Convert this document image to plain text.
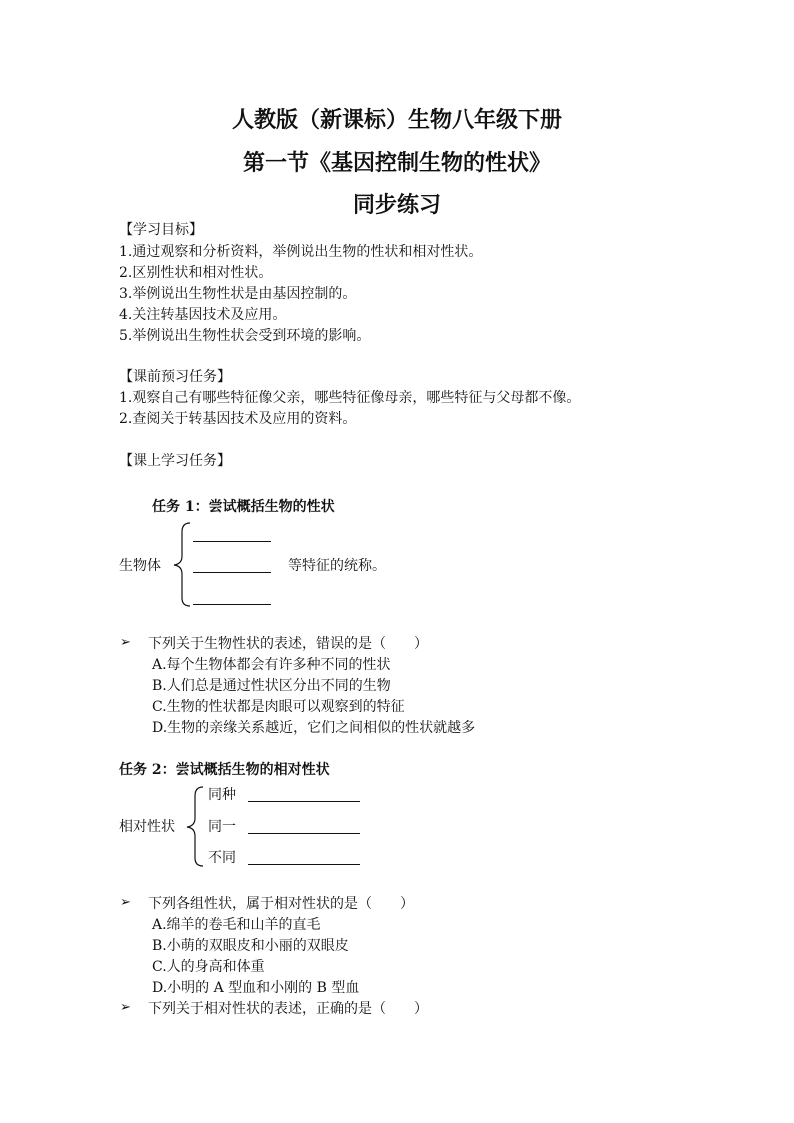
人教版（新课标）生物八年级下册
第一节《基因控制生物的性状》
同步练习
【学习目标】
1.通过观察和分析资料，举例说出生物的性状和相对性状。
2.区别性状和相对性状。
3.举例说出生物性状是由基因控制的。
4.关注转基因技术及应用。
5.举例说出生物性状会受到环境的影响。
【课前预习任务】
1.观察自己有哪些特征像父亲，哪些特征像母亲，哪些特征与父母都不像。
2.查阅关于转基因技术及应用的资料。
【课上学习任务】
任务 1：尝试概括生物的性状
生物体	等特征的统称。
➢ 下列关于生物性状的表述，错误的是（　　）
A.每个生物体都会有许多种不同的性状
B.人们总是通过性状区分出不同的生物
C.生物的性状都是肉眼可以观察到的特征
D.生物的亲缘关系越近，它们之间相似的性状就越多
任务 2：尝试概括生物的相对性状
相对性状
同种
同一
不同
➢ 下列各组性状，属于相对性状的是（　　）
A.绵羊的卷毛和山羊的直毛
B.小萌的双眼皮和小丽的双眼皮
C.人的身高和体重
D.小明的 A 型血和小刚的 B 型血
➢ 下列关于相对性状的表述，正确的是（　　）
